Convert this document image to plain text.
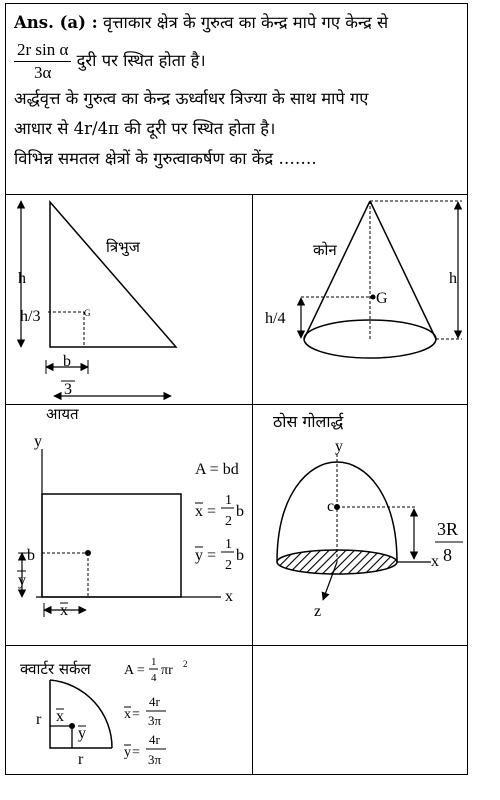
Ans. (a) : वृत्ताकार क्षेत्र के गुरुत्व का केन्द्र मापे गए केन्द्र से
$\frac{\text{2r sin α}}{3\alpha}$ दुरी पर स्थित होता है।
अर्द्धवृत्त के गुरुत्व का केन्द्र ऊर्ध्वाधर त्रिज्या के साथ मापे गए
आधार से 4r/4π की दूरी पर स्थित होता है।
विभिन्न समतल क्षेत्रों के गुरुत्वाकर्षण का केंद्र …….
त्रिभुज
h
h/3	G
b
3
कोन
h
h/4
G
आयत
y
x
b
y
x
A = bd
x =
1
2
b
y =
1
2
b
ठोस गोलार्द्ध
y
x
z
c
3R
8
क्वार्टर सर्कल A =
1
4 πr 2
r
r
x
y
x =
4r
3π
y =
4r
3π
